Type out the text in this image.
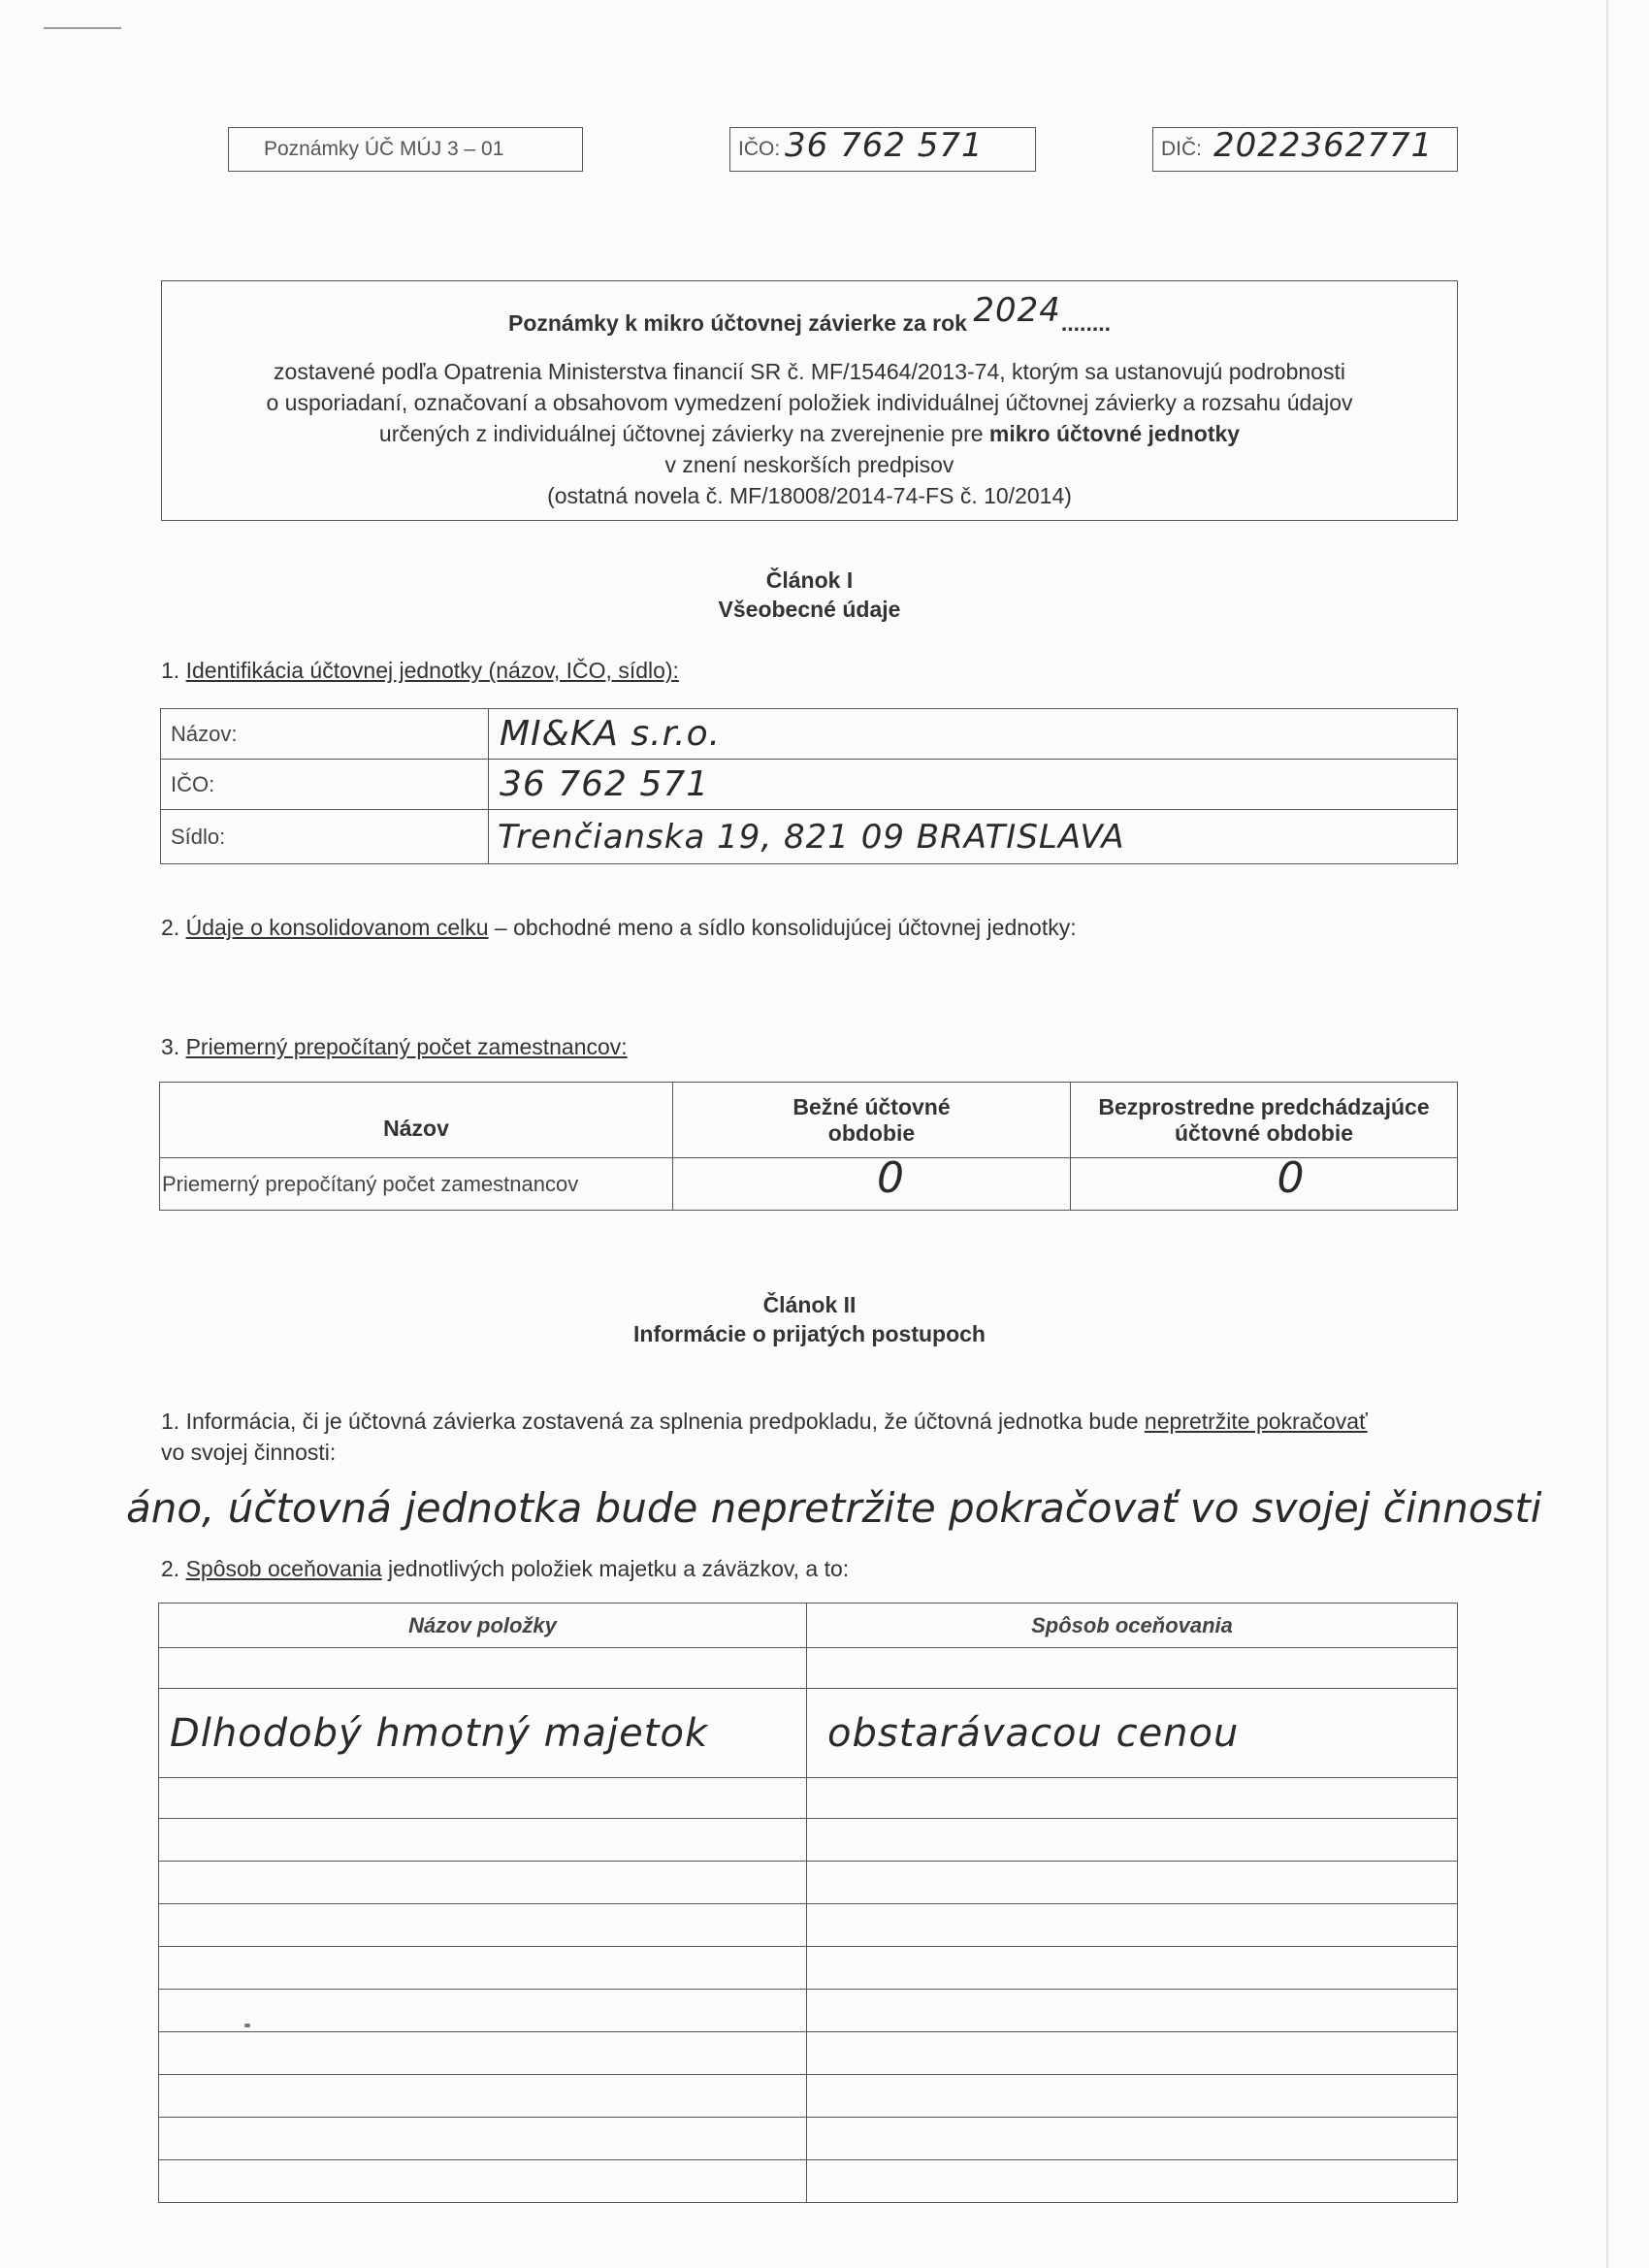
Poznámky ÚČ MÚJ 3 – 01	IČO: 36 762 571	DIČ: 2022362771
Poznámky k mikro účtovnej závierke za rok 2024........

zostavené podľa Opatrenia Ministerstva financií SR č. MF/15464/2013-74, ktorým sa ustanovujú podrobnosti

o usporiadaní, označovaní a obsahovom vymedzení položiek individuálnej účtovnej závierky a rozsahu údajov

určených z individuálnej účtovnej závierky na zverejnenie pre mikro účtovné jednotky

v znení neskorších predpisov

(ostatná novela č. MF/18008/2014-74-FS č. 10/2014)

Článok I
Všeobecné údaje
1. Identifikácia účtovnej jednotky (názov, IČO, sídlo):
Názov:	MI&KA s.r.o.
IČO:	36 762 571
Sídlo:	Trenčianska 19, 821 09 BRATISLAVA
2. Údaje o konsolidovanom celku – obchodné meno a sídlo konsolidujúcej účtovnej jednotky:
3. Priemerný prepočítaný počet zamestnancov:
Názov	Bežné účtovné obdobie	Bezprostredne predchádzajúce účtovné obdobie
Priemerný prepočítaný počet zamestnancov	0	0
Článok II
Informácie o prijatých postupoch
1. Informácia, či je účtovná závierka zostavená za splnenia predpokladu, že účtovná jednotka bude nepretržite pokračovať
vo svojej činnosti:
áno, účtovná jednotka bude nepretržite pokračovať vo svojej činnosti
2. Spôsob oceňovania jednotlivých položiek majetku a záväzkov, a to:
Názov položky	Spôsob oceňovania

Dlhodobý hmotný majetok	obstarávacou cenou
